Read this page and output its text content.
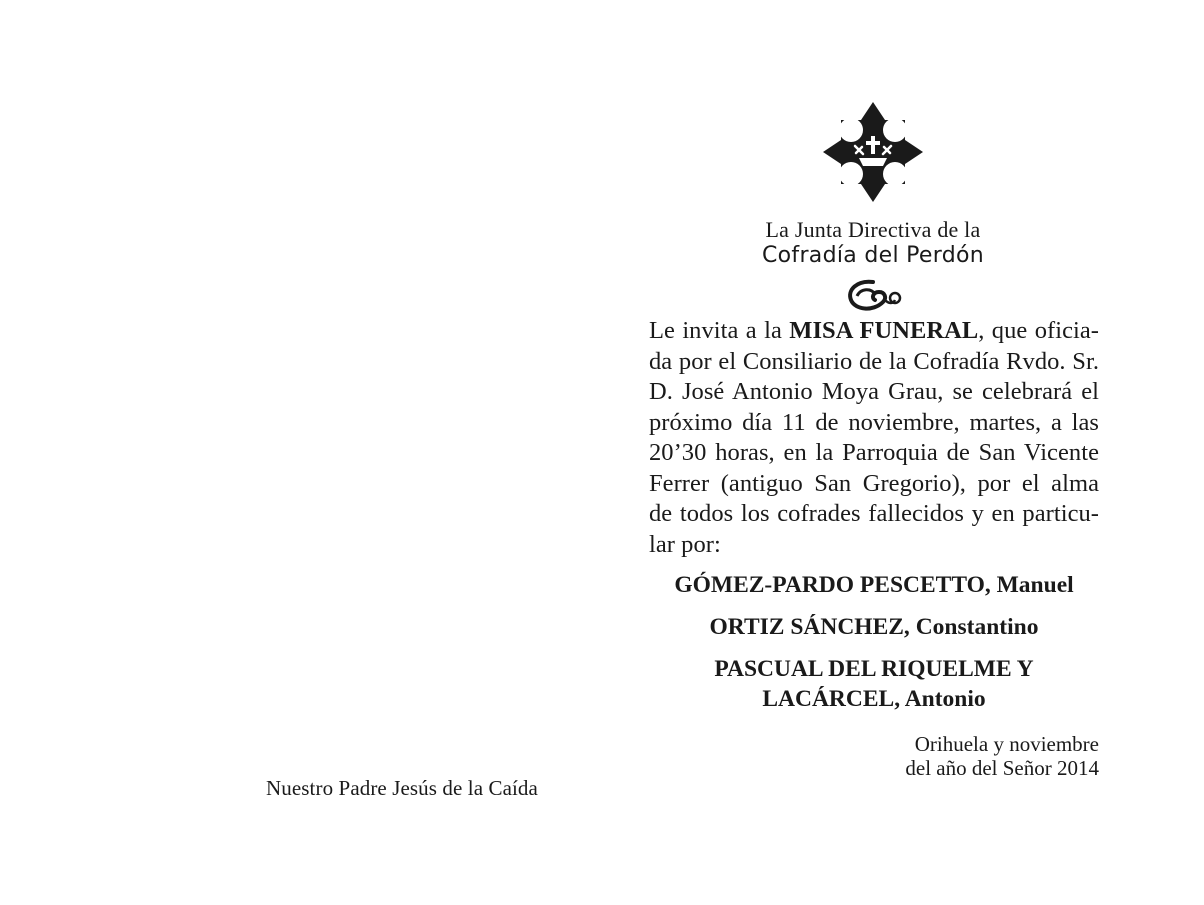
Nuestro Padre Jesús de la Caída
La Junta Directiva de la
Cofradía del Perdón
Le invita a la MISA FUNERAL, que oficia-
da por el Consiliario de la Cofradía Rvdo. Sr.
D. José Antonio Moya Grau, se celebrará el
próximo día 11 de noviembre, martes, a las
20’30 horas, en la Parroquia de San Vicente
Ferrer (antiguo San Gregorio), por el alma
de todos los cofrades fallecidos y en particu-
lar por:
GÓMEZ-PARDO PESCETTO, Manuel
ORTIZ SÁNCHEZ, Constantino
PASCUAL DEL RIQUELME Y
LACÁRCEL, Antonio
Orihuela y noviembre
del año del Señor 2014
